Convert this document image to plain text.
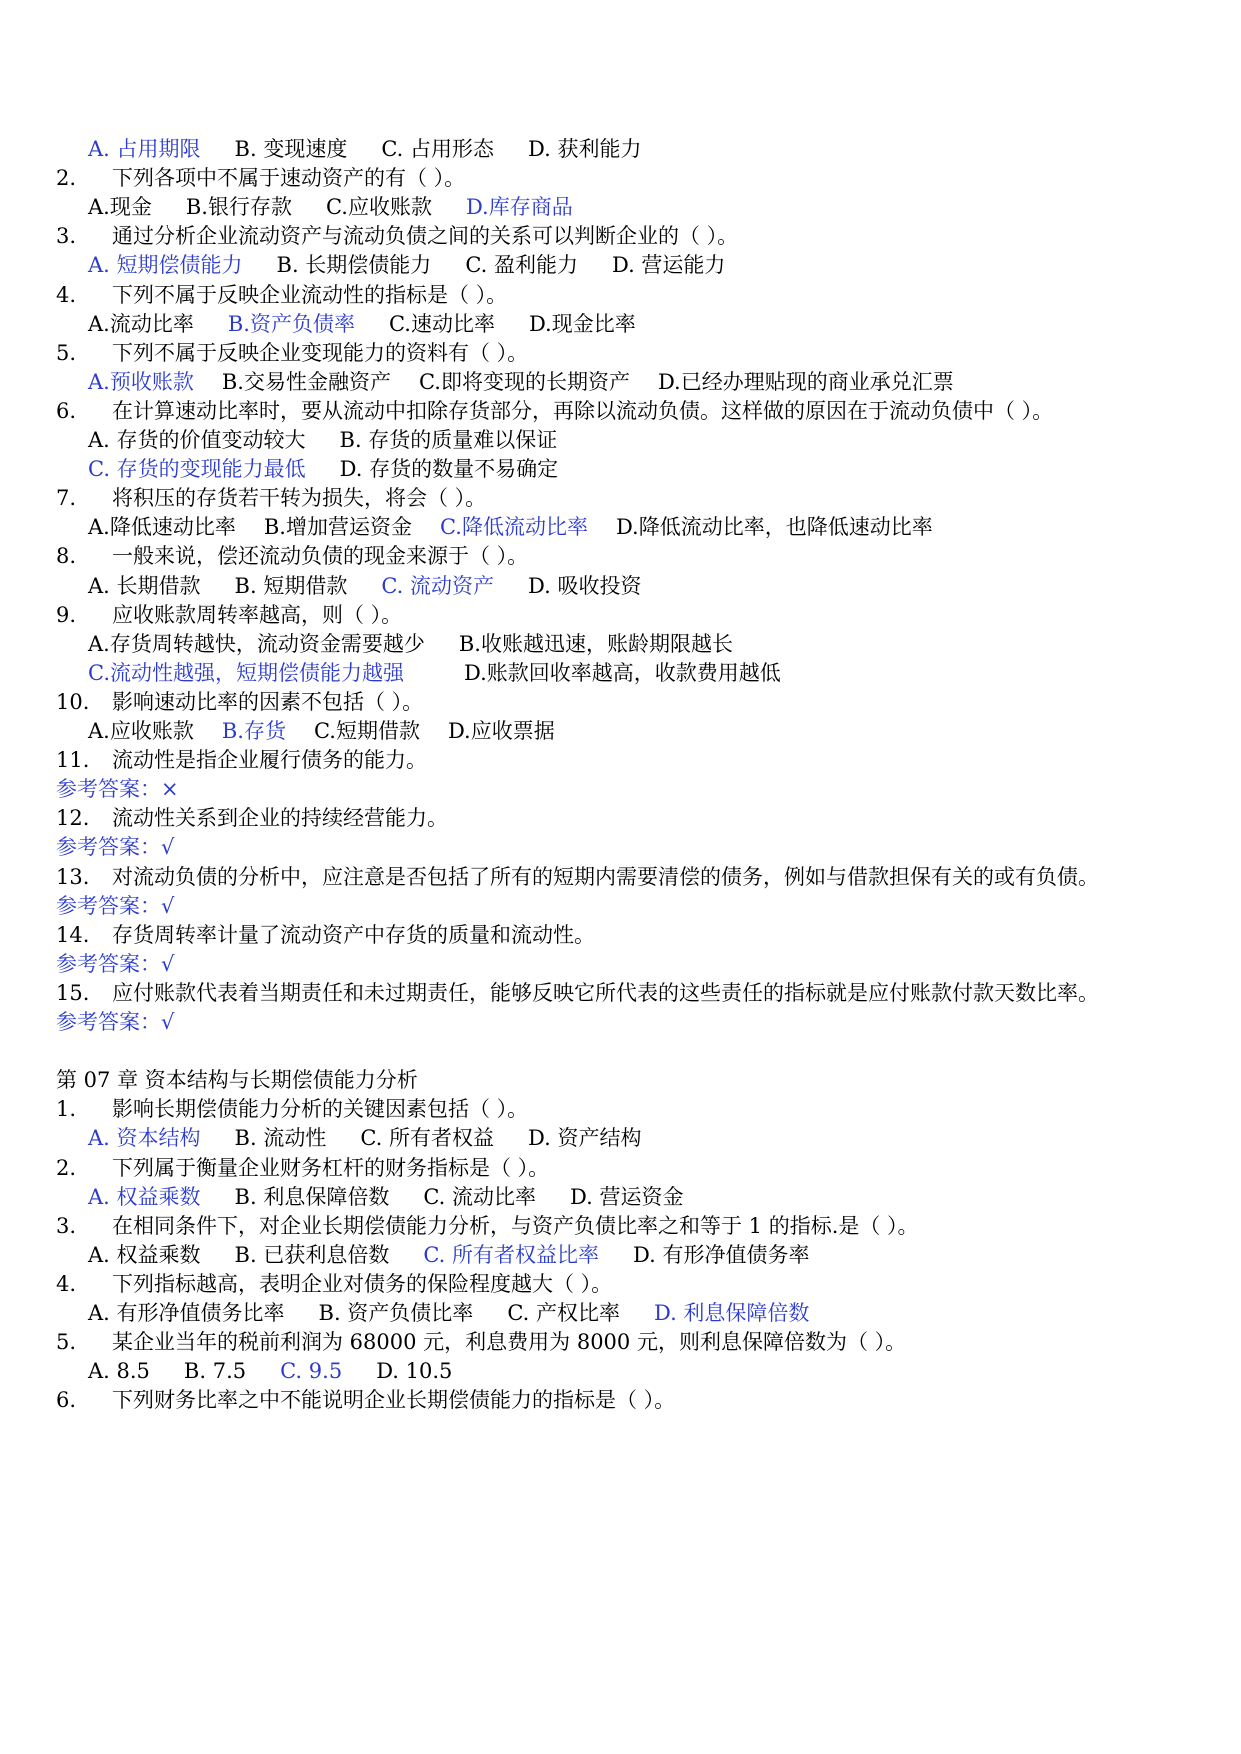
A. 占用期限 B. 变现速度 C. 占用形态 D. 获利能力
2. 下列各项中不属于速动资产的有（ ）。
A.现金 B.银行存款 C.应收账款 D.库存商品
3. 通过分析企业流动资产与流动负债之间的关系可以判断企业的（ ）。
A. 短期偿债能力 B. 长期偿债能力 C. 盈利能力 D. 营运能力
4. 下列不属于反映企业流动性的指标是（ ）。
A.流动比率 B.资产负债率 C.速动比率 D.现金比率
5. 下列不属于反映企业变现能力的资料有（ ）。
A.预收账款 B.交易性金融资产 C.即将变现的长期资产 D.已经办理贴现的商业承兑汇票
6. 在计算速动比率时，要从流动中扣除存货部分，再除以流动负债。这样做的原因在于流动负债中（ ）。
A. 存货的价值变动较大 B. 存货的质量难以保证
C. 存货的变现能力最低 D. 存货的数量不易确定
7. 将积压的存货若干转为损失，将会（ ）。
A.降低速动比率 B.增加营运资金 C.降低流动比率 D.降低流动比率，也降低速动比率
8. 一般来说，偿还流动负债的现金来源于（ ）。
A. 长期借款 B. 短期借款 C. 流动资产 D. 吸收投资
9. 应收账款周转率越高，则（ ）。
A.存货周转越快，流动资金需要越少 B.收账越迅速，账龄期限越长
C.流动性越强，短期偿债能力越强	D.账款回收率越高，收款费用越低
10. 影响速动比率的因素不包括（ ）。
A.应收账款 B.存货 C.短期借款 D.应收票据
11. 流动性是指企业履行债务的能力。
参考答案：×
12. 流动性关系到企业的持续经营能力。
参考答案：√
13. 对流动负债的分析中，应注意是否包括了所有的短期内需要清偿的债务，例如与借款担保有关的或有负债。
参考答案：√
14. 存货周转率计量了流动资产中存货的质量和流动性。
参考答案：√
15. 应付账款代表着当期责任和未过期责任，能够反映它所代表的这些责任的指标就是应付账款付款天数比率。
参考答案：√
第 07 章 资本结构与长期偿债能力分析
1. 影响长期偿债能力分析的关键因素包括（ ）。
A. 资本结构 B. 流动性 C. 所有者权益 D. 资产结构
2. 下列属于衡量企业财务杠杆的财务指标是（ ）。
A. 权益乘数 B. 利息保障倍数 C. 流动比率 D. 营运资金
3. 在相同条件下，对企业长期偿债能力分析，与资产负债比率之和等于 1 的指标.是（ ）。
A. 权益乘数 B. 已获利息倍数 C. 所有者权益比率 D. 有形净值债务率
4. 下列指标越高，表明企业对债务的保险程度越大（ ）。
A. 有形净值债务比率 B. 资产负债比率 C. 产权比率 D. 利息保障倍数
5. 某企业当年的税前利润为 68000 元，利息费用为 8000 元，则利息保障倍数为（ ）。
A. 8.5 B. 7.5 C. 9.5 D. 10.5
6. 下列财务比率之中不能说明企业长期偿债能力的指标是（ ）。
